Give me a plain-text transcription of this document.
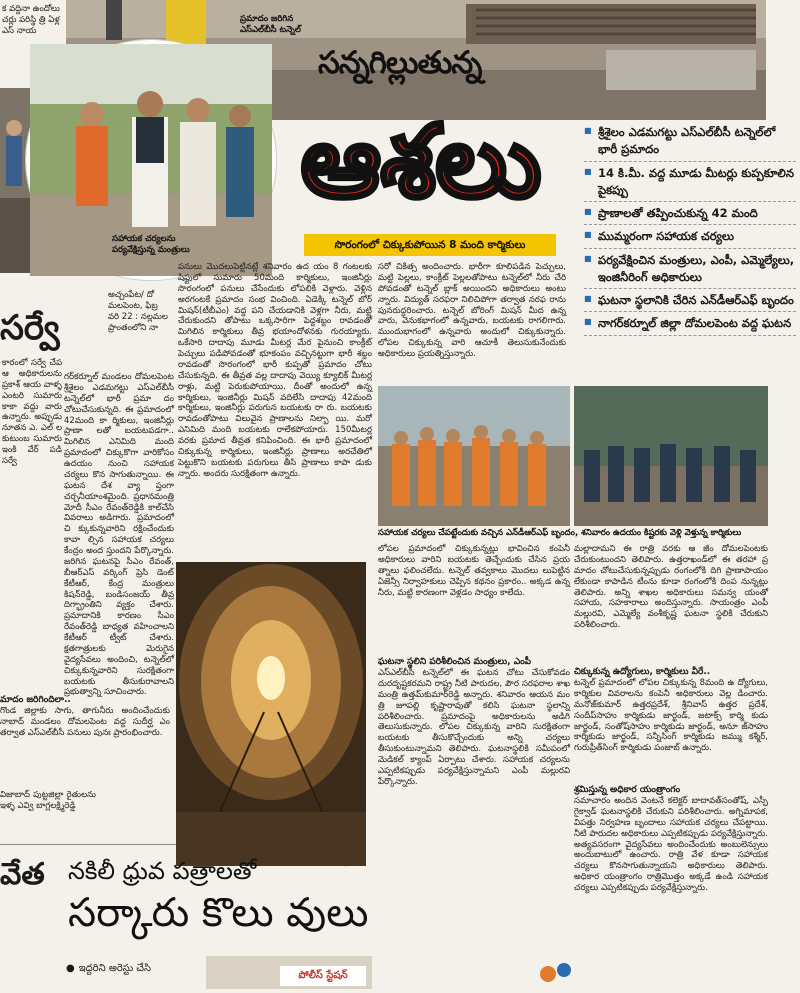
క వద్దినా ఉందోలు చర్లు పరిస్థి త్రి ఏళ్ల ఎస్ నాయ
సర్వే
కారంలో సర్వే చేప ఆ అధికారులను ప్రకాశ్ ఆయ వాళ్ళ ఎంటరి సుమారు కాకా వద్దు వారు ఉన్నారు. అప్పుడు నూతన ఎ. ఎల్ ల కుటుంబ సుమారు ఇంకి వేర్ పడి సర్వే
మాదం జరిగిందిలా..
గొండ జిల్లాకు సాగు, తాగునీరు అందించేందుకు నాబాద్ మండలం దోమలపెంట వద్ద సుదీర్ఘ ఎం తర్వాత ఎస్‌ఎల్‌బీసీ పనులు పునః ప్రారంభించారు.
విజాబాద్ పుట్టజిల్లా రైతులను ఇళ్ళ ఎవ్వి బాగ్లలక్ష్మిరెడ్డి
వేత
ప్రమాదం జరిగిన ఎస్‌ఎల్‌బీసీ టన్నెల్
సన్నగిల్లుతున్న
ఆశలు
సొరంగంలో చిక్కుకుపోయిన 8 మంది కార్మికులు
సహాయక చర్యలను పర్యవేక్షిస్తున్న మంత్రులు
■ శ్రీశైలం ఎడమగట్టు ఎస్‌ఎల్‌బీసీ టన్నెల్‌లో భారీ ప్రమాదం
■ 14 కి.మీ. వద్ద మూడు మీటర్లు కుప్పకూలిన పైకప్పు
■ ప్రాణాలతో తప్పించుకున్న 42 మంది
■ ముమ్మరంగా సహాయక చర్యలు
■ పర్యవేక్షించిన మంత్రులు, ఎంపీ, ఎమ్మెల్యేలు, ఇంజినీరింగ్ అధికారులు
■ ఘటనా స్థలానికి చేరిన ఎన్‌డీఆర్‌ఎఫ్ బృందం
■ నాగర్‌కర్నూల్ జిల్లా దోమలపెంట వద్ద ఘటన
అచ్చంపేట/ దో మలపెంట, ఫిబ్ర వరి 22 : నల్లమల ప్రాంతంలోని నా
గర్‌కర్నూల్ మండలం దోమలపెంట శ్రీశైలం ఎడమగట్టు ఎస్‌ఎల్‌బీసీ టన్నెల్‌లో భారీ ప్రమా దం చోటుచేసుకున్నది. ఈ ప్రమాదంలో 42మంది కా ర్మికులు, ఇంజినీర్లు ప్రాణా లతో బయటపడగా.. మిగిలిన ఎనిమిది మంది ప్రమాదంలో చిక్కుకొగా వారికోసం ఉదయం నుంచి సహాయక చర్యలు కొన సాగుతున్నాయి. ఈ ఘటన దేశ వ్యా ప్తంగా చర్చనీయాంశమైంది. ప్రధానమంత్రి మోదీ సీఎం రేవంత్‌రెడ్డికి కాల్‌చేసి వివరాలు అడిగారు. ప్రమాదంలో చి క్కుకున్నవారిని రక్షించేందుకు కావా ల్సిన సహాయక చర్యలు కేంద్రం అంద స్తుందని పేర్కొన్నారు. జరిగిన ఘటనపై సీఎం రేవంత్, బీఆర్‌ఎస్ వర్కింగ్ ప్రెసి డెంట్ కేటీఆర్, కేంద్ర మంత్రులు కిషన్‌రెడ్డి, బండిసంజయ్ తీవ్ర దిగ్భ్రాంతిని వ్యక్తం చేశారు. ప్రమాదానికి కారణం సీఎం రేవంత్‌రెడ్డి బాధ్యత వహించాలని కేటీఆర్ ట్వీట్ చేశారు. క్షతగాత్రులకు మెరుగైన వైద్యసేవలు అందించి, టన్నెల్‌లో చిక్కుకున్నవారిని సురక్షితంగా బయటకు తీసుకురావాలని ప్రభుత్వాన్ని సూచించారు.
పనులు మొదలుపెట్టినట్లే శనివారం ఉద యం 8 గంటలకు షిఫ్టులో సుమారు 50మంది కార్మికులు, ఇంజినీర్లు సొరంగంలో పనులు చేసేందుకు లోపలికి వెళ్లారు. వెళ్లిన అరగంటకే ప్రమాదం సంభ వించింది. ఏడెక్కి టన్నెల్ బోర్ మిషన్(టీబీఎం) వద్ద పని చేయడానికి వెళ్లగా నీరు, మట్టి చేరుకుందని తోపాటు ఒక్కసారిగా పెద్దశబ్దం రావడంతో మిగిలిన కార్మికులు తీవ్ర భయాందోళనకు గురయ్యారు. ఒకేసారి దాదాపు మూడు మీటర్ల మేర పైనుంచి కాంక్రీట్ పెచ్చులు పడిపోవడంతో భూకంపం వచ్చినట్టుగా భారీ శబ్దం రావడంతో సొరంగంలో భారీ కుప్పతో ప్రమాదం చోటు చేసుకున్నది. ఈ తీవ్రత వల్ల దాదాపు వెయ్యి క్యూబిక్ మీటర్ల రాళ్లు, మట్టి పెరుకుపోయాయి. దీంతో అందులో ఉన్న కార్మికులు, ఇంజినీర్లు మిషన్ వదిలేసి దాదాపు 42మంది కార్మికులు, ఇంజినీర్లు పరుగున బయటకు రా రు. బయటకు రావడంతోపాటు విలువైన ప్రాణాలను నిల్బా యి. మరో ఎనిమిది మంది బయటకు రాలేకపోయారు. 150మీటర్ల వరకు ప్రమాద తీవ్రత కనిపించింది. ఈ భారీ ప్రమాదంలో చిక్కుకున్న కార్మికులు, ఇంజినీర్లు ప్రాణాలు అరచేతిలో పెట్టుకొని బయటకు పరుగులు తీసి ప్రాణాలు కాపా డుకు న్నారు. అందరు సురక్షితంగా ఉన్నారు.
సరో చికిత్స అందించారు. భారీగా కూలిపడిన పెచ్చులు, మట్టి పెల్లలు, కాంక్రీట్ పెల్లలతోపాటు టన్నెల్‌లో నీరు చేరి పోవడంతో టన్నెల్ బ్లాక్ అయిందని అధికారులు అంటు న్నారు. విద్యుత్ సరఫరా నిలిచిపోగా తర్వాత నరఫ రాను పునరుద్ధరించారు. టన్నెల్ బోరింగ్ మిషన్ మీద ఉన్న వారు, వెనుకభాగంలో ఉన్నవారు, బయటకు రాగలిగారు. ముందుభాగంలో ఉన్నవారు అందులో చిక్కుకున్నారు. లోపల చిక్కుకున్న వారి ఆచూకీ తెలుసుకునేందుకు అధికారులు ప్రయత్నిస్తున్నారు.
సహాయక చర్యలు చేపట్టేందుకు వచ్చిన ఎన్‌డీఆర్‌ఎఫ్ బృందం, శనివారం ఉదయం కిష్టరకు వెళ్లి వెళ్తున్న కార్మికులు
లోపల ప్రమాదంలో చిక్కుకున్నట్లు భావించిన కంపెనీ అధికారులు వారిని బయటకు తెచ్చేందుకు చేసిన ప్రయ త్నాలు ఫలించలేదు. టన్నెల్ తవ్వకాలు మొదలు లుపెట్టిన ఏజెన్సీ నిర్వాహకులు చెప్పిన కథనం ప్రకారం.. అక్కడ ఉన్న నీరు, మట్టి కారణంగా వెళ్లడం సాధ్యం కాలేదు.
ఘటనా స్థలిని పరిశీలించిన మంత్రులు, ఎంపీ
ఎస్‌ఎల్‌బీసీ టన్నెల్‌లో ఈ ఘటన చోటు చేసుకోవడం దురదృష్టకరమని రాష్ట్ర నీటి పారుదల, పౌర సరఫరాల శాఖ మంత్రి ఉత్తమ్‌కుమార్‌రెడ్డి అన్నారు. శనివారం ఆయన మం త్రి జూపల్లి కృష్ణారావుతో కలిసి ఘటనా స్థలాన్ని పరిశీలించారు. ప్రమాదంపై అధికారులను అడిగి తెలుసుకున్నారు. లోపల చిక్కుకున్న వారిని సురక్షితంగా బయటకు తీసుకొచ్చేందుకు అన్ని చర్యలు తీసుకుంటున్నామని తెలిపారు. ఘటనాస్థలికి సమీపంలో మెడికల్ క్యాంప్ ఏర్పాటు చేశారు. సహాయక చర్యలను ఎప్పటికప్పుడు పర్యవేక్షిస్తున్నామని ఎంపీ మల్లురవి పేర్కొన్నారు.
మల్లాదామని ఈ రాత్రి వరకు ఆ జీం దోమలపెంటకు చేరుకుంటుందని తెలిపారు. ఉత్తరాఖండ్‌లో ఈ తరహా ప్ర మాదం చోటుచేసుకున్నప్పుడు రంగంలోకి దిగి ప్రాణాపాయం లేకుండా కాపాడిన టీంను కూడా రంగంలోకి దింప నున్నట్లు తెలిపారు. అన్ని శాఖల అధికారులు సమన్వ యంతో సహాయ, సహకారాలు అందిస్తున్నారు. సాయంత్రం ఎంపీ మల్లురవి, ఎమ్మెల్యే వంశీకృష్ణ ఘటనా స్థలికి చేరుకుని పరిశీలించారు.
చిక్కుకున్న ఉద్యోగులు, కార్మికులు వీరే..
టన్నెల్ ప్రమాదంలో లోపల చిక్కుకున్న 8మంది ఉ ద్యోగులు, కార్మికుల వివరాలను కంపెనీ అధికారులు వెల్ల డించారు. మనోజ్‌కుమార్ ఉత్తరప్రదేశ్, శ్రీనివాస్ ఉత్తర ప్రదేశ్, సందీప్‌సాహు కార్మికుడు జార్ఖండ్, జటాక్స్ కార్మి కుడు జార్ఖండ్, సంతోష్‌సాహు కార్మికుడు జార్ఖండ్, అనూ జ్‌సాహు కార్మికుడు జార్ఖండ్, సన్నీసింగ్ కార్మికుడు జమ్ము కశ్మీర్, గురుప్రీత్‌సింగ్ కార్మికుడు పంజాబ్ ఉన్నారు.
శ్రమిస్తున్న అధికార యంత్రాంగం
సమాచారం అందిన వెంటనే కలెక్టర్ బాదావత్‌సంతోష్, ఎస్పీ గైక్వాడ్ ఘటనాస్థలికి చేరుకుని పరిశీలించారు. అగ్నిమాపక, విపత్తు నిర్వహణ బృందాలు సహాయక చర్యలు చేపట్టాయి. నీటి పారుదల అధికారులు ఎప్పటికప్పుడు పర్యవేక్షిస్తున్నారు. అత్యవసరంగా వైద్యసేవలు అందించేందుకు అంబులెన్సులు అందుబాటులో ఉంచారు. రాత్రి వేళ కూడా సహాయక చర్యలు కొనసాగుతున్నాయని అధికారులు తెలిపారు. అధికార యంత్రాంగం రాత్రిమొత్తం అక్కడే ఉండి సహాయక చర్యలు ఎప్పటికప్పుడు పర్యవేక్షిస్తున్నారు.
నకిలీ ధ్రువ పత్రాలతో
సర్కారు కొలు వులు
● ఇద్దరిని అరెస్టు చేసి
పోలీస్ స్టేషన్
